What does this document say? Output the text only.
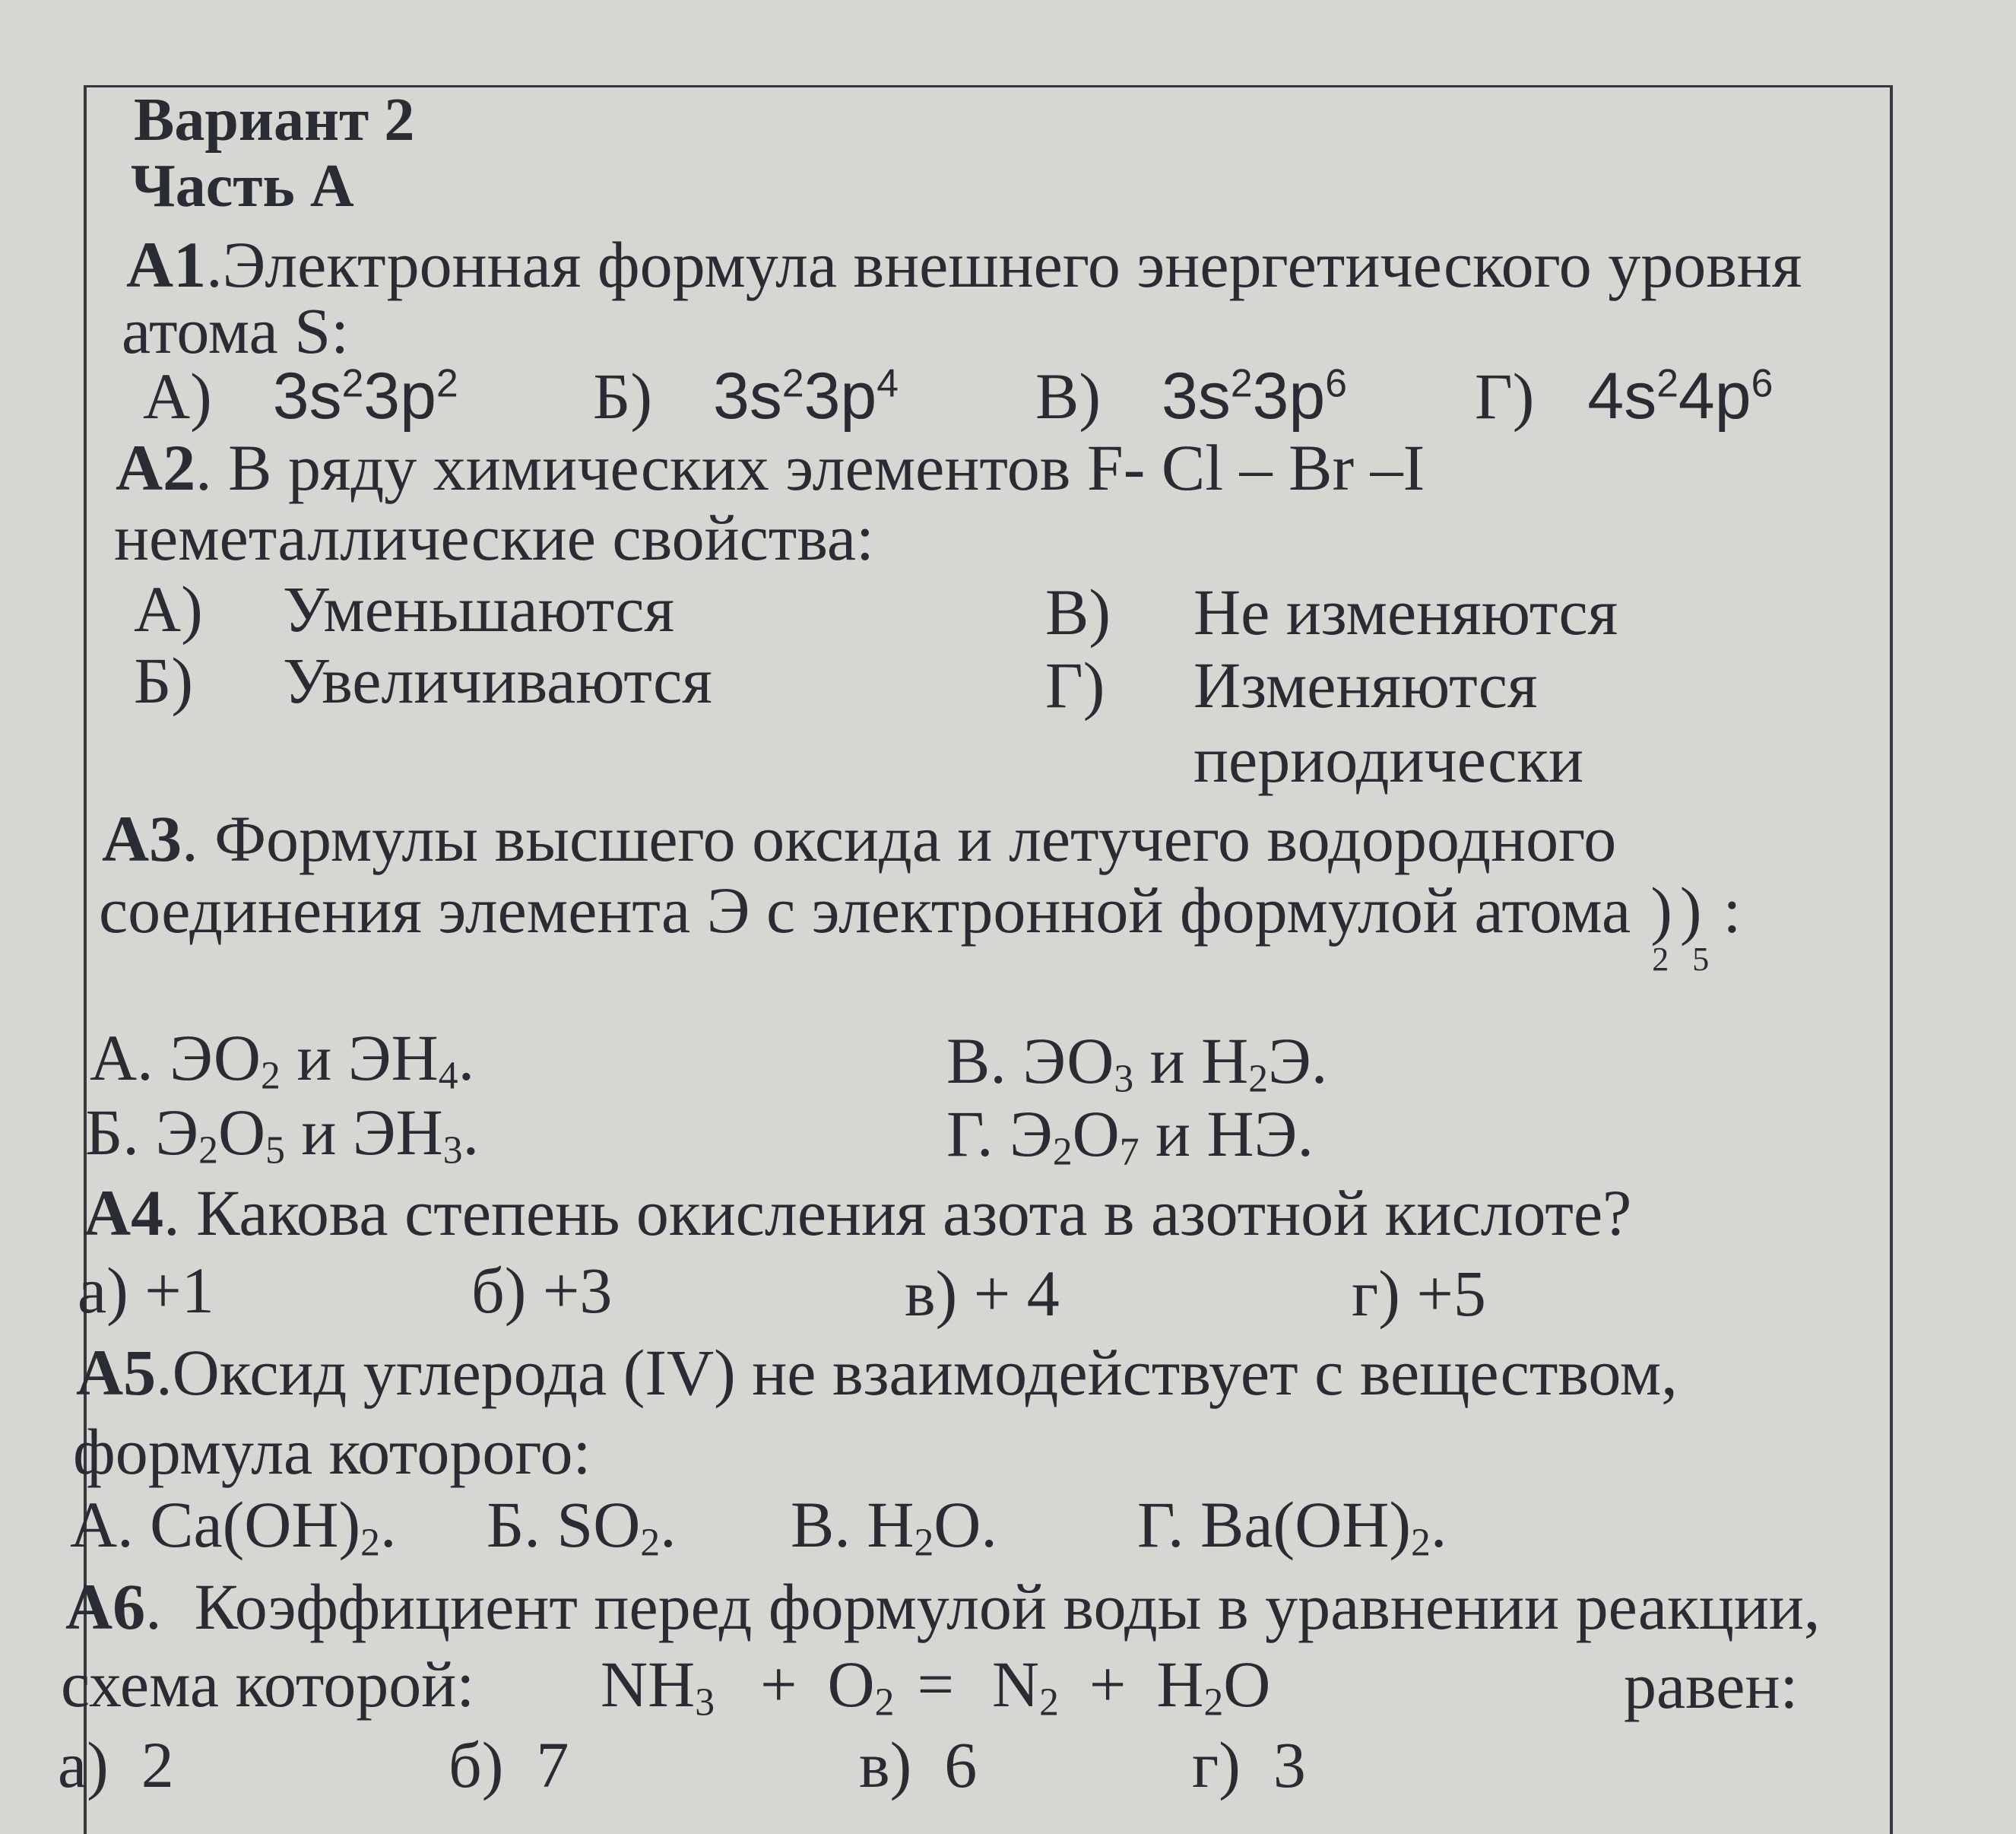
Вариант 2
Часть А
А1.Электронная формула внешнего энергетического уровня
атома S:
А) $3s^23p^2$ Б) $3s^23p^4$ В) $3s^23p^6$ Г) $4s^24p^6$
А2. В ряду химических элементов F- Cl – Br –I
неметаллические свойства:
А) Уменьшаются
Б) Увеличиваются
В) Не изменяются
Г) Изменяются
периодически
А3. Формулы высшего оксида и летучего водородного
соединения элемента Э с электронной формулой атома ))
2 5
:
А. $ЭО_2$ и $ЭН_4$.
Б. $Э_2О_5$ и $ЭН_3$.
В. $ЭО_3$ и $Н_2Э$.
Г. $Э_2О_7$ и НЭ.
А4. Какова степень окисления азота в азотной кислоте?
а) +1	б) +3	в) + 4	г) +5
А5.Оксид углерода (IV) не взаимодействует с веществом,
формула которого:
А. $Са(ОН)_2$. Б. $SO_2$. В. $H_2O$. Г. $Ba(OH)_2$.
А6.  Коэффициент перед формулой воды в уравнении реакции,
схема которой: $NH_3 + O_2 = N_2 + H_2O$	равен:
а)  2	б)  7	в)  6	г)  3
